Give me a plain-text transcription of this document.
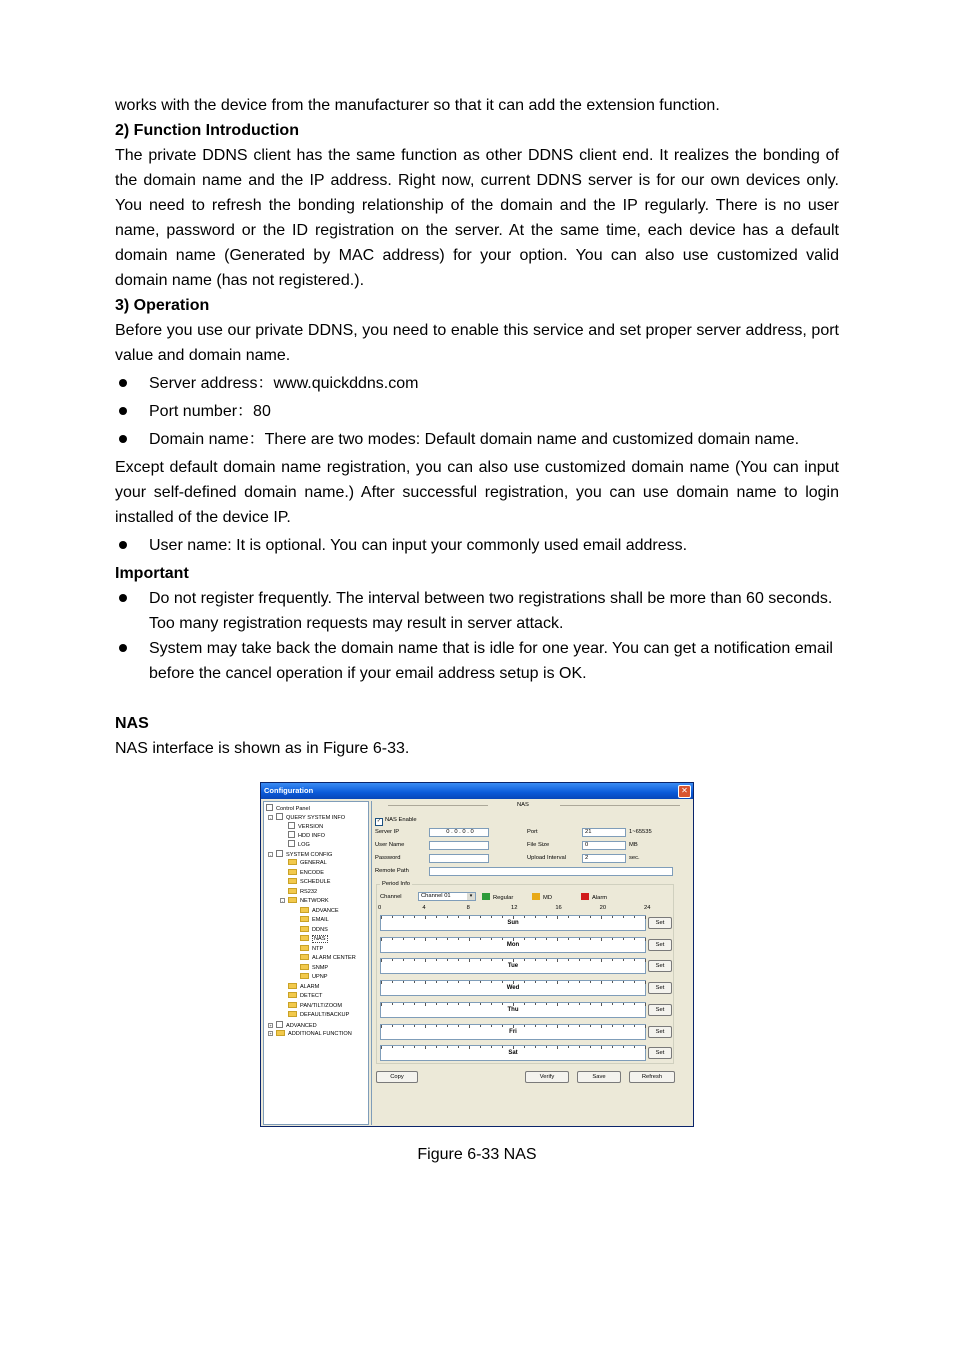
works with the device from the manufacturer so that it can add the extension function.

2) Function Introduction

The private DDNS client has the same function as other DDNS client end. It realizes the bonding of the domain name and the IP address. Right now, current DDNS server is for our own devices only. You need to refresh the bonding relationship of the domain and the IP regularly. There is no user name, password or the ID registration on the server. At the same time, each device has a default domain name (Generated by MAC address) for your option. You can also use customized valid domain name (has not registered.).

3) Operation

Before you use our private DDNS, you need to enable this service and set proper server address, port value and domain name.

Server address：www.quickddns.com

Port number：80

Domain name：There are two modes: Default domain name and customized domain name.

Except default domain name registration, you can also use customized domain name (You can input your self-defined domain name.) After successful registration, you can use domain name to login installed of the device IP.

User name: It is optional. You can input your commonly used email address.

Important

Do not register frequently. The interval between two registrations shall be more than 60 seconds. Too many registration requests may result in server attack.

System may take back the domain name that is idle for one year. You can get a notification email before the cancel operation if your email address setup is OK.

NAS

NAS interface is shown as in Figure 6-33.

Configuration	✕
Control Panel
-	QUERY SYSTEM INFO
VERSION
HDD INFO
LOG
-	SYSTEM CONFIG
GENERAL
ENCODE
SCHEDULE
RS232
-	NETWORK
ADVANCE
EMAIL
DDNS
NAS
NTP
ALARM CENTER
SNMP
UPNP
ALARM
DETECT
PAN/TILT/ZOOM
DEFAULT/BACKUP
+	ADVANCED
+	ADDITIONAL FUNCTION
NAS
✓ NAS Enable
Server IP	0 . 0 . 0 . 0
User Name
Password
Remote Path
Port	21	1~65535
File Size	0	MB
Upload Interval	2	sec.
Period Info
Channel	Channel 01	▾	Regular	MD	Alarm
0	4	8	12	16	20	24
Sun	Set
Mon	Set
Tue	Set
Wed	Set
Thu	Set
Fri	Set
Sat	Set
Copy	Verify	Save	Refresh
Figure 6-33 NAS
